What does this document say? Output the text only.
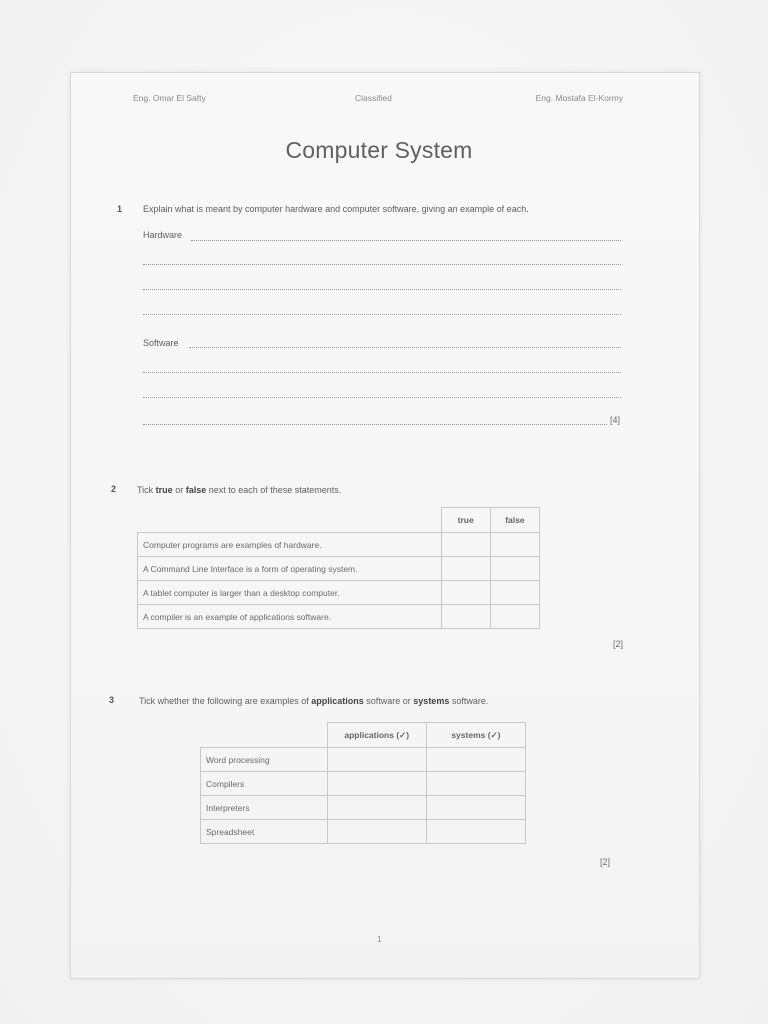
Eng. Omar El Safty	Classified	Eng. Mostafa El-Kormy
Computer System
1 Explain what is meant by computer hardware and computer software, giving an example of each.
Hardware
Software
[4]
2 Tick true or false next to each of these statements.
	true	false
Computer programs are examples of hardware.		
A Command Line Interface is a form of operating system.		
A tablet computer is larger than a desktop computer.		
A compiler is an example of applications software.		
[2]
3	Tick whether the following are examples of applications software or systems software.
	applications (✓)	systems (✓)
Word processing		
Compilers		
Interpreters		
Spreadsheet		
[2]
1
